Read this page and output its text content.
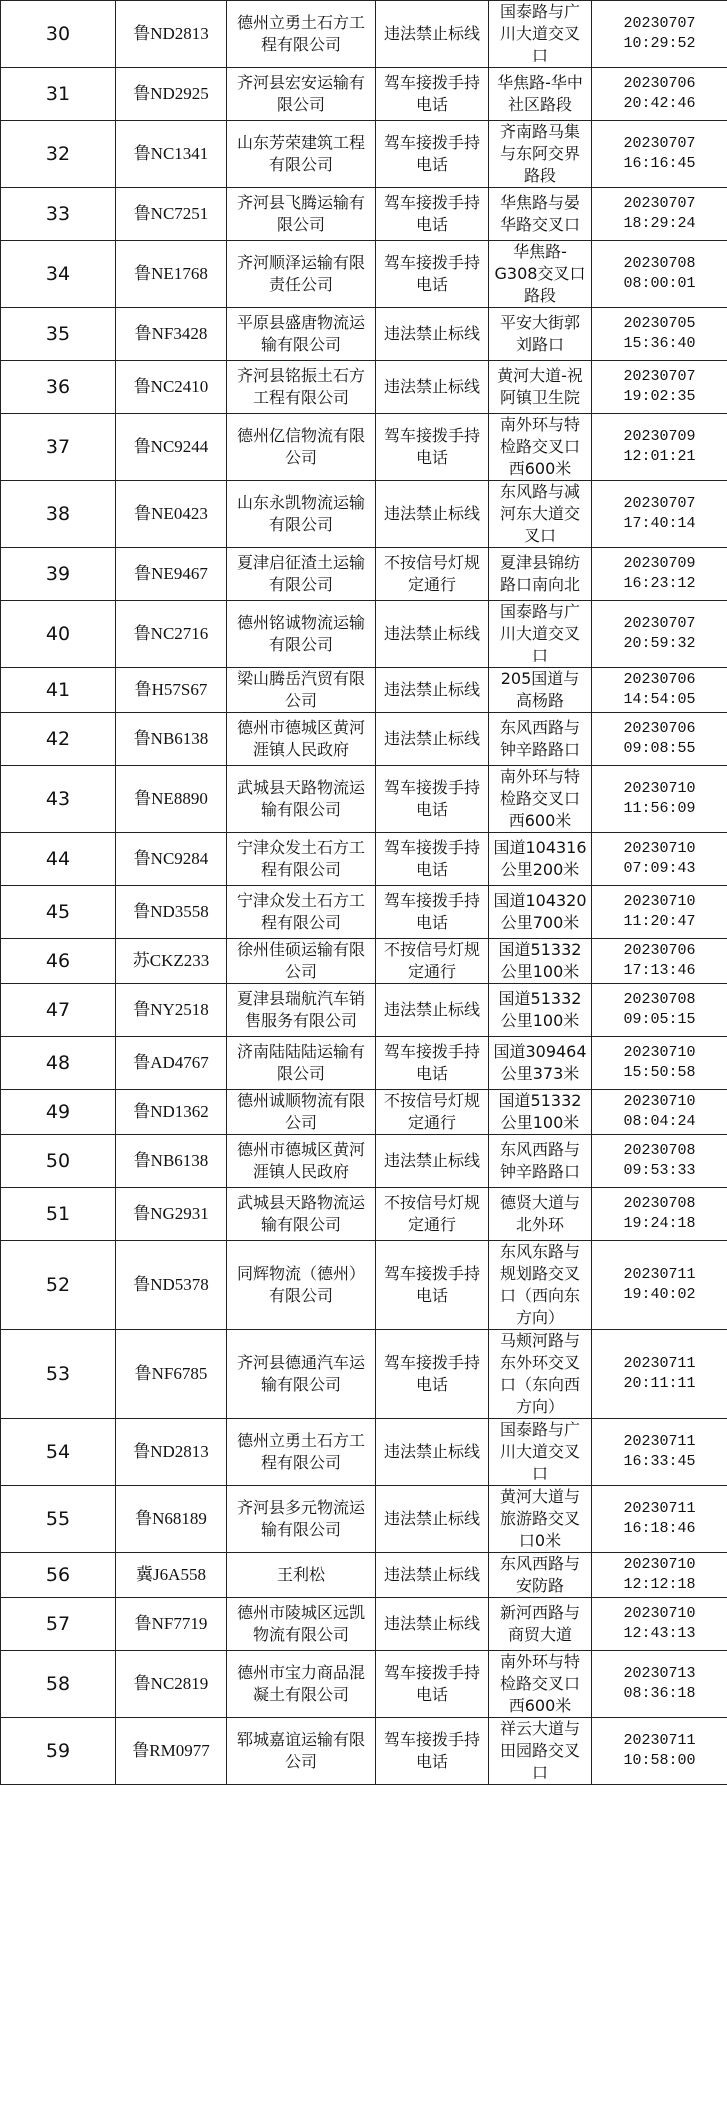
30	鲁ND2813	德州立勇土石方工程有限公司	违法禁止标线	国泰路与广川大道交叉口	20230707 10:29:52
31	鲁ND2925	齐河县宏安运输有限公司	驾车接拨手持电话	华焦路-华中社区路段	20230706 20:42:46
32	鲁NC1341	山东芳荣建筑工程有限公司	驾车接拨手持电话	齐南路马集与东阿交界路段	20230707 16:16:45
33	鲁NC7251	齐河县飞腾运输有限公司	驾车接拨手持电话	华焦路与晏华路交叉口	20230707 18:29:24
34	鲁NE1768	齐河顺泽运输有限责任公司	驾车接拨手持电话	华焦路-G308交叉口路段	20230708 08:00:01
35	鲁NF3428	平原县盛唐物流运输有限公司	违法禁止标线	平安大街郭刘路口	20230705 15:36:40
36	鲁NC2410	齐河县铭振土石方工程有限公司	违法禁止标线	黄河大道-祝阿镇卫生院	20230707 19:02:35
37	鲁NC9244	德州亿信物流有限公司	驾车接拨手持电话	南外环与特检路交叉口西600米	20230709 12:01:21
38	鲁NE0423	山东永凯物流运输有限公司	违法禁止标线	东风路与减河东大道交叉口	20230707 17:40:14
39	鲁NE9467	夏津启征渣土运输有限公司	不按信号灯规定通行	夏津县锦纺路口南向北	20230709 16:23:12
40	鲁NC2716	德州铭诚物流运输有限公司	违法禁止标线	国泰路与广川大道交叉口	20230707 20:59:32
41	鲁H57S67	梁山腾岳汽贸有限公司	违法禁止标线	205国道与高杨路	20230706 14:54:05
42	鲁NB6138	德州市德城区黄河涯镇人民政府	违法禁止标线	东风西路与钟辛路路口	20230706 09:08:55
43	鲁NE8890	武城县天路物流运输有限公司	驾车接拨手持电话	南外环与特检路交叉口西600米	20230710 11:56:09
44	鲁NC9284	宁津众发土石方工程有限公司	驾车接拨手持电话	国道104316公里200米	20230710 07:09:43
45	鲁ND3558	宁津众发土石方工程有限公司	驾车接拨手持电话	国道104320公里700米	20230710 11:20:47
46	苏CKZ233	徐州佳硕运输有限公司	不按信号灯规定通行	国道51332公里100米	20230706 17:13:46
47	鲁NY2518	夏津县瑞航汽车销售服务有限公司	违法禁止标线	国道51332公里100米	20230708 09:05:15
48	鲁AD4767	济南陆陆陆运输有限公司	驾车接拨手持电话	国道309464公里373米	20230710 15:50:58
49	鲁ND1362	德州诚顺物流有限公司	不按信号灯规定通行	国道51332公里100米	20230710 08:04:24
50	鲁NB6138	德州市德城区黄河涯镇人民政府	违法禁止标线	东风西路与钟辛路路口	20230708 09:53:33
51	鲁NG2931	武城县天路物流运输有限公司	不按信号灯规定通行	德贤大道与北外环	20230708 19:24:18
52	鲁ND5378	同辉物流（德州）有限公司	驾车接拨手持电话	东风东路与规划路交叉口（西向东方向）	20230711 19:40:02
53	鲁NF6785	齐河县德通汽车运输有限公司	驾车接拨手持电话	马颊河路与东外环交叉口（东向西方向）	20230711 20:11:11
54	鲁ND2813	德州立勇土石方工程有限公司	违法禁止标线	国泰路与广川大道交叉口	20230711 16:33:45
55	鲁N68189	齐河县多元物流运输有限公司	违法禁止标线	黄河大道与旅游路交叉口0米	20230711 16:18:46
56	冀J6A558	王利松	违法禁止标线	东风西路与安防路	20230710 12:12:18
57	鲁NF7719	德州市陵城区远凯物流有限公司	违法禁止标线	新河西路与商贸大道	20230710 12:43:13
58	鲁NC2819	德州市宝力商品混凝土有限公司	驾车接拨手持电话	南外环与特检路交叉口西600米	20230713 08:36:18
59	鲁RM0977	郓城嘉谊运输有限公司	驾车接拨手持电话	祥云大道与田园路交叉口	20230711 10:58:00
